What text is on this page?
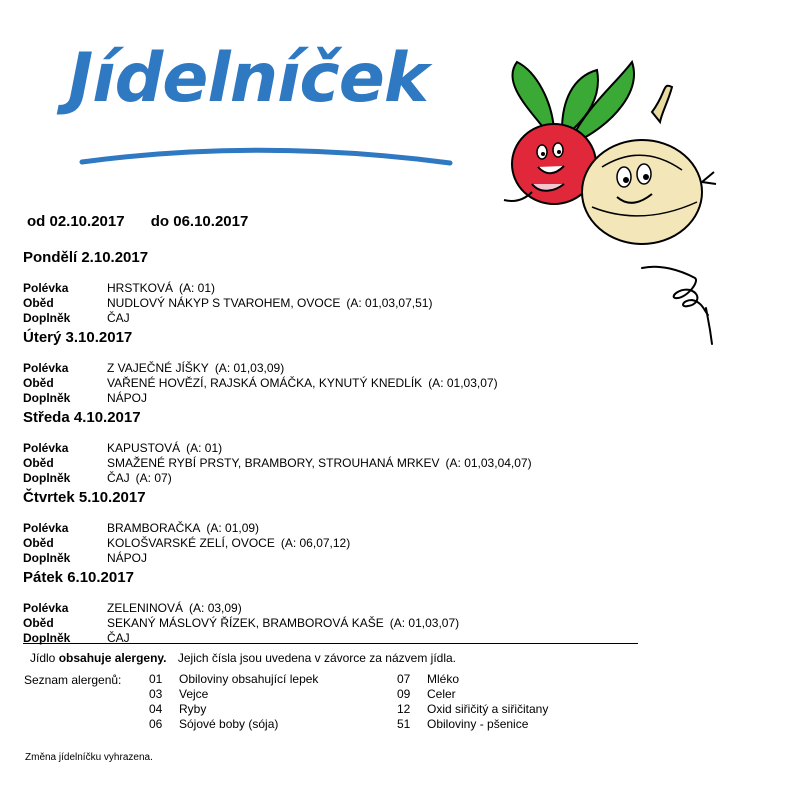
Jídelníček
od 02.10.2017 do 06.10.2017
Pondělí 2.10.2017
Polévka	HRSTKOVÁ (A: 01)
Oběd	NUDLOVÝ NÁKYP S TVAROHEM, OVOCE (A: 01,03,07,51)
Doplněk	ČAJ
Úterý 3.10.2017
Polévka	Z VAJEČNÉ JÍŠKY (A: 01,03,09)
Oběd	VAŘENÉ HOVĚZÍ, RAJSKÁ OMÁČKA, KYNUTÝ KNEDLÍK (A: 01,03,07)
Doplněk	NÁPOJ
Středa 4.10.2017
Polévka	KAPUSTOVÁ (A: 01)
Oběd	SMAŽENÉ RYBÍ PRSTY, BRAMBORY, STROUHANÁ MRKEV (A: 01,03,04,07)
Doplněk	ČAJ (A: 07)
Čtvrtek 5.10.2017
Polévka	BRAMBORAČKA (A: 01,09)
Oběd	KOLOŠVARSKÉ ZELÍ, OVOCE (A: 06,07,12)
Doplněk	NÁPOJ
Pátek 6.10.2017
Polévka	ZELENINOVÁ (A: 03,09)
Oběd	SEKANÝ MÁSLOVÝ ŘÍZEK, BRAMBOROVÁ KAŠE (A: 01,03,07)
Doplněk	ČAJ
Jídlo obsahuje alergeny. Jejich čísla jsou uvedena v závorce za názvem jídla.
Seznam alergenů: 01	Obiloviny obsahující lepek
03	Vejce
04	Ryby
06	Sójové boby (sója)
07	Mléko
09	Celer
12	Oxid siřičitý a siřičitany
51	Obiloviny - pšenice
Změna jídelníčku vyhrazena.
